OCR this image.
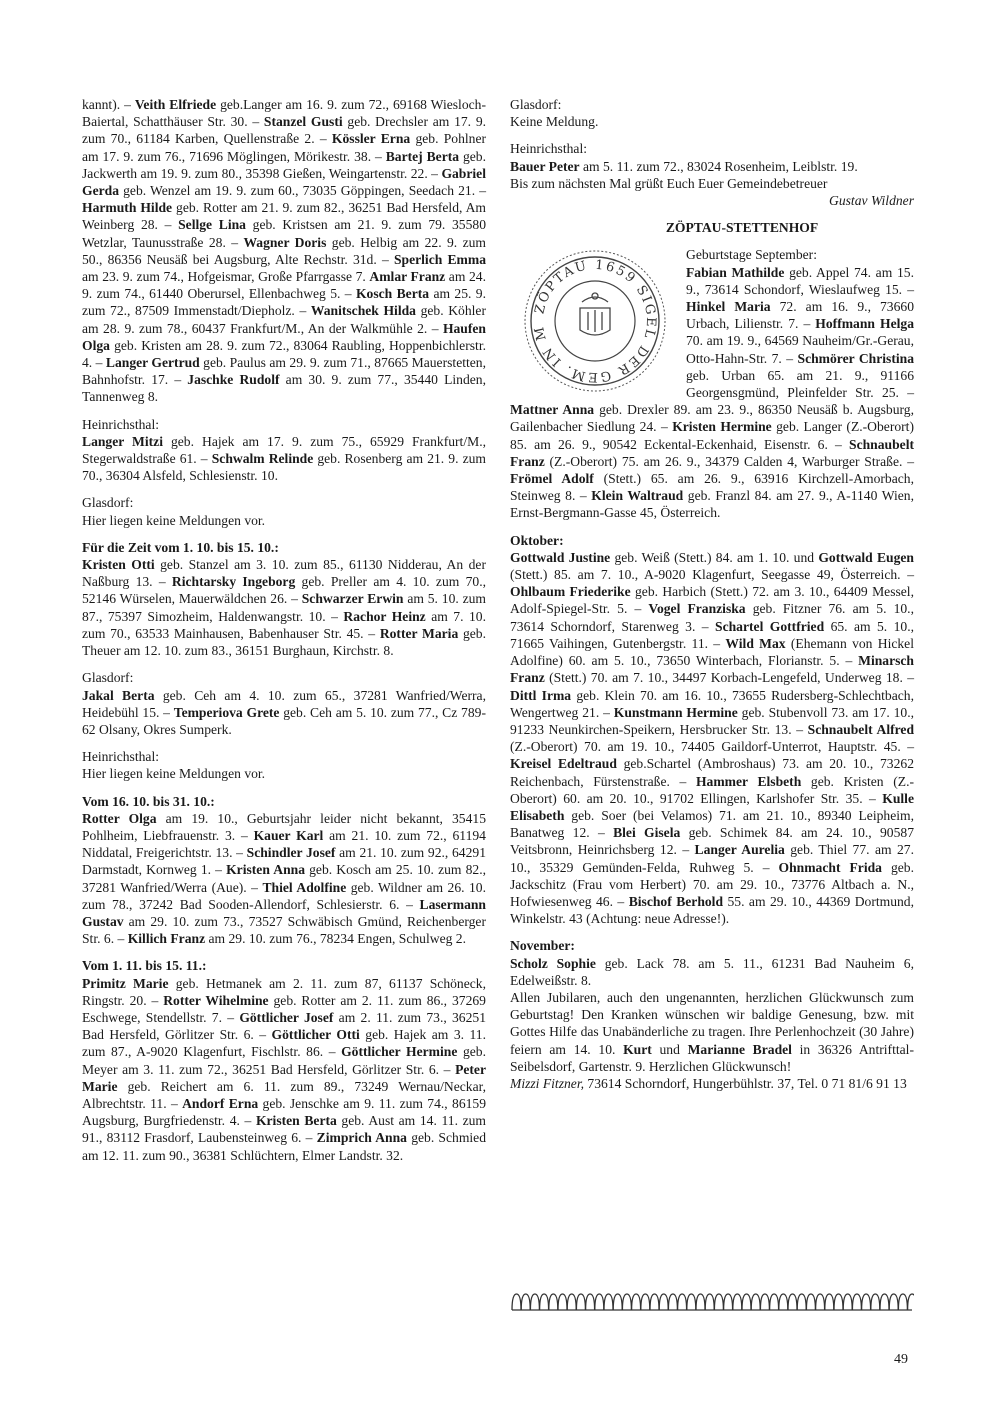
kannt). – Veith Elfriede geb.Langer am 16. 9. zum 72., 69168 Wiesloch-Baiertal, Schatthäuser Str. 30. – Stanzel Gusti geb. Drechsler am 17. 9. zum 70., 61184 Karben, Quellenstraße 2. – Kössler Erna geb. Pohlner am 17. 9. zum 76., 71696 Möglingen, Mörikestr. 38. – Bartej Berta geb. Jackwerth am 19. 9. zum 80., 35398 Gießen, Weingartenstr. 22. – Gabriel Gerda geb. Wenzel am 19. 9. zum 60., 73035 Göppingen, Seedach 21. – Harmuth Hilde geb. Rotter am 21. 9. zum 82., 36251 Bad Hersfeld, Am Weinberg 28. – Sellge Lina geb. Kristsen am 21. 9. zum 79. 35580 Wetzlar, Taunusstraße 28. – Wagner Doris geb. Helbig am 22. 9. zum 50., 86356 Neusäß bei Augsburg, Alte Rechstr. 31d. – Sperlich Emma am 23. 9. zum 74., Hofgeismar, Große Pfarrgasse 7. Amlar Franz am 24. 9. zum 74., 61440 Oberursel, Ellenbachweg 5. – Kosch Berta am 25. 9. zum 72., 87509 Immenstadt/Diepholz. – Wanitschek Hilda geb. Köhler am 28. 9. zum 78., 60437 Frankfurt/M., An der Walkmühle 2. – Haufen Olga geb. Kristen am 28. 9. zum 72., 83064 Raubling, Hoppenbichlerstr. 4. – Langer Gertrud geb. Paulus am 29. 9. zum 71., 87665 Mauerstetten, Bahnhofstr. 17. – Jaschke Rudolf am 30. 9. zum 77., 35440 Linden, Tannenweg 8.

Heinrichsthal:

Langer Mitzi geb. Hajek am 17. 9. zum 75., 65929 Frankfurt/M., Stegerwaldstraße 61. – Schwalm Relinde geb. Rosenberg am 21. 9. zum 70., 36304 Alsfeld, Schlesienstr. 10.

Glasdorf:

Hier liegen keine Meldungen vor.

Für die Zeit vom 1. 10. bis 15. 10.:

Kristen Otti geb. Stanzel am 3. 10. zum 85., 61130 Nidderau, An der Naßburg 13. – Richtarsky Ingeborg geb. Preller am 4. 10. zum 70., 52146 Würselen, Mauerwäldchen 26. – Schwarzer Erwin am 5. 10. zum 87., 75397 Simozheim, Haldenwangstr. 10. – Rachor Heinz am 7. 10. zum 70., 63533 Mainhausen, Babenhauser Str. 45. – Rotter Maria geb. Theuer am 12. 10. zum 83., 36151 Burghaun, Kirchstr. 8.

Glasdorf:

Jakal Berta geb. Ceh am 4. 10. zum 65., 37281 Wanfried/Werra, Heidebühl 15. – Temperiova Grete geb. Ceh am 5. 10. zum 77., Cz 789-62 Olsany, Okres Sumperk.

Heinrichsthal:

Hier liegen keine Meldungen vor.

Vom 16. 10. bis 31. 10.:

Rotter Olga am 19. 10., Geburtsjahr leider nicht bekannt, 35415 Pohlheim, Liebfrauenstr. 3. – Kauer Karl am 21. 10. zum 72., 61194 Niddatal, Freigerichtstr. 13. – Schindler Josef am 21. 10. zum 92., 64291 Darmstadt, Kornweg 1. – Kristen Anna geb. Kosch am 25. 10. zum 82., 37281 Wanfried/Werra (Aue). – Thiel Adolfine geb. Wildner am 26. 10. zum 78., 37242 Bad Sooden-Allendorf, Schlesierstr. 6. – Lasermann Gustav am 29. 10. zum 73., 73527 Schwäbisch Gmünd, Reichenberger Str. 6. – Killich Franz am 29. 10. zum 76., 78234 Engen, Schulweg 2.

Vom 1. 11. bis 15. 11.:

Primitz Marie geb. Hetmanek am 2. 11. zum 87, 61137 Schöneck, Ringstr. 20. – Rotter Wihelmine geb. Rotter am 2. 11. zum 86., 37269 Eschwege, Stendellstr. 7. – Göttlicher Josef am 2. 11. zum 73., 36251 Bad Hersfeld, Görlitzer Str. 6. – Göttlicher Otti geb. Hajek am 3. 11. zum 87., A-9020 Klagenfurt, Fischlstr. 86. – Göttlicher Hermine geb. Meyer am 3. 11. zum 72., 36251 Bad Hersfeld, Görlitzer Str. 6. – Peter Marie geb. Reichert am 6. 11. zum 89., 73249 Wernau/Neckar, Albrechtstr. 11. – Andorf Erna geb. Jenschke am 9. 11. zum 74., 86159 Augsburg, Burgfriedenstr. 4. – Kristen Berta geb. Aust am 14. 11. zum 91., 83112 Frasdorf, Laubensteinweg 6. – Zimprich Anna geb. Schmied am 12. 11. zum 90., 36381 Schlüchtern, Elmer Landstr. 32.

Glasdorf:

Keine Meldung.

Heinrichsthal:

Bauer Peter am 5. 11. zum 72., 83024 Rosenheim, Leiblstr. 19.

Bis zum nächsten Mal grüßt Euch Euer Gemeindebetreuer

Gustav Wildner

ZÖPTAU-STETTENHOF

ZÖPTAU 1659 SIGEL DER GEM. IN M

Geburtstage September:

Fabian Mathilde geb. Appel 74. am 15. 9., 73614 Schondorf, Wieslaufweg 15. – Hinkel Maria 72. am 16. 9., 73660 Urbach, Lilienstr. 7. – Hoffmann Helga 70. am 19. 9., 64569 Nauheim/Gr.-Gerau, Otto-Hahn-Str. 7. – Schmörer Christina geb. Urban 65. am 21. 9., 91166 Georgensgmünd, Pleinfelder Str. 25. – Mattner Anna geb. Drexler 89. am 23. 9., 86350 Neusäß b. Augsburg, Gailenbacher Siedlung 24. – Kristen Hermine geb. Langer (Z.-Oberort) 85. am 26. 9., 90542 Eckental-Eckenhaid, Eisenstr. 6. – Schnaubelt Franz (Z.-Oberort) 75. am 26. 9., 34379 Calden 4, Warburger Straße. – Frömel Adolf (Stett.) 65. am 26. 9., 63916 Kirchzell-Amorbach, Steinweg 8. – Klein Waltraud geb. Franzl 84. am 27. 9., A-1140 Wien, Ernst-Bergmann-Gasse 45, Österreich.

Oktober:

Gottwald Justine geb. Weiß (Stett.) 84. am 1. 10. und Gottwald Eugen (Stett.) 85. am 7. 10., A-9020 Klagenfurt, Seegasse 49, Österreich. – Ohlbaum Friederike geb. Harbich (Stett.) 72. am 3. 10., 64409 Messel, Adolf-Spiegel-Str. 5. – Vogel Franziska geb. Fitzner 76. am 5. 10., 73614 Schorndorf, Starenweg 3. – Schartel Gottfried 65. am 5. 10., 71665 Vaihingen, Gutenbergstr. 11. – Wild Max (Ehemann von Hickel Adolfine) 60. am 5. 10., 73650 Winterbach, Florianstr. 5. – Minarsch Franz (Stett.) 70. am 7. 10., 34497 Korbach-Lengefeld, Underweg 18. – Dittl Irma geb. Klein 70. am 16. 10., 73655 Rudersberg-Schlechtbach, Wengertweg 21. – Kunstmann Hermine geb. Stubenvoll 73. am 17. 10., 91233 Neunkirchen-Speikern, Hersbrucker Str. 13. – Schnaubelt Alfred (Z.-Oberort) 70. am 19. 10., 74405 Gaildorf-Unterrot, Hauptstr. 45. – Kreisel Edeltraud geb.Schartel (Ambroshaus) 73. am 20. 10., 73262 Reichenbach, Fürstenstraße. – Hammer Elsbeth geb. Kristen (Z.-Oberort) 60. am 20. 10., 91702 Ellingen, Karlshofer Str. 35. – Kulle Elisabeth geb. Soer (bei Velamos) 71. am 21. 10., 89340 Leipheim, Banatweg 12. – Blei Gisela geb. Schimek 84. am 24. 10., 90587 Veitsbronn, Heinrichsberg 12. – Langer Aurelia geb. Thiel 77. am 27. 10., 35329 Gemünden-Felda, Ruhweg 5. – Ohnmacht Frida geb. Jackschitz (Frau vom Herbert) 70. am 29. 10., 73776 Altbach a. N., Hofwiesenweg 46. – Bischof Berhold 55. am 29. 10., 44369 Dortmund, Winkelstr. 43 (Achtung: neue Adresse!).

November:

Scholz Sophie geb. Lack 78. am 5. 11., 61231 Bad Nauheim 6, Edelweißstr. 8.

Allen Jubilaren, auch den ungenannten, herzlichen Glückwunsch zum Geburtstag! Den Kranken wünschen wir baldige Genesung, bzw. mit Gottes Hilfe das Unabänderliche zu tragen. Ihre Perlenhochzeit (30 Jahre) feiern am 14. 10. Kurt und Marianne Bradel in 36326 Antrifttal-Seibelsdorf, Gartenstr. 9. Herzlichen Glückwunsch!

Mizzi Fitzner, 73614 Schorndorf, Hungerbühlstr. 37, Tel. 0 71 81/6 91 13

49
